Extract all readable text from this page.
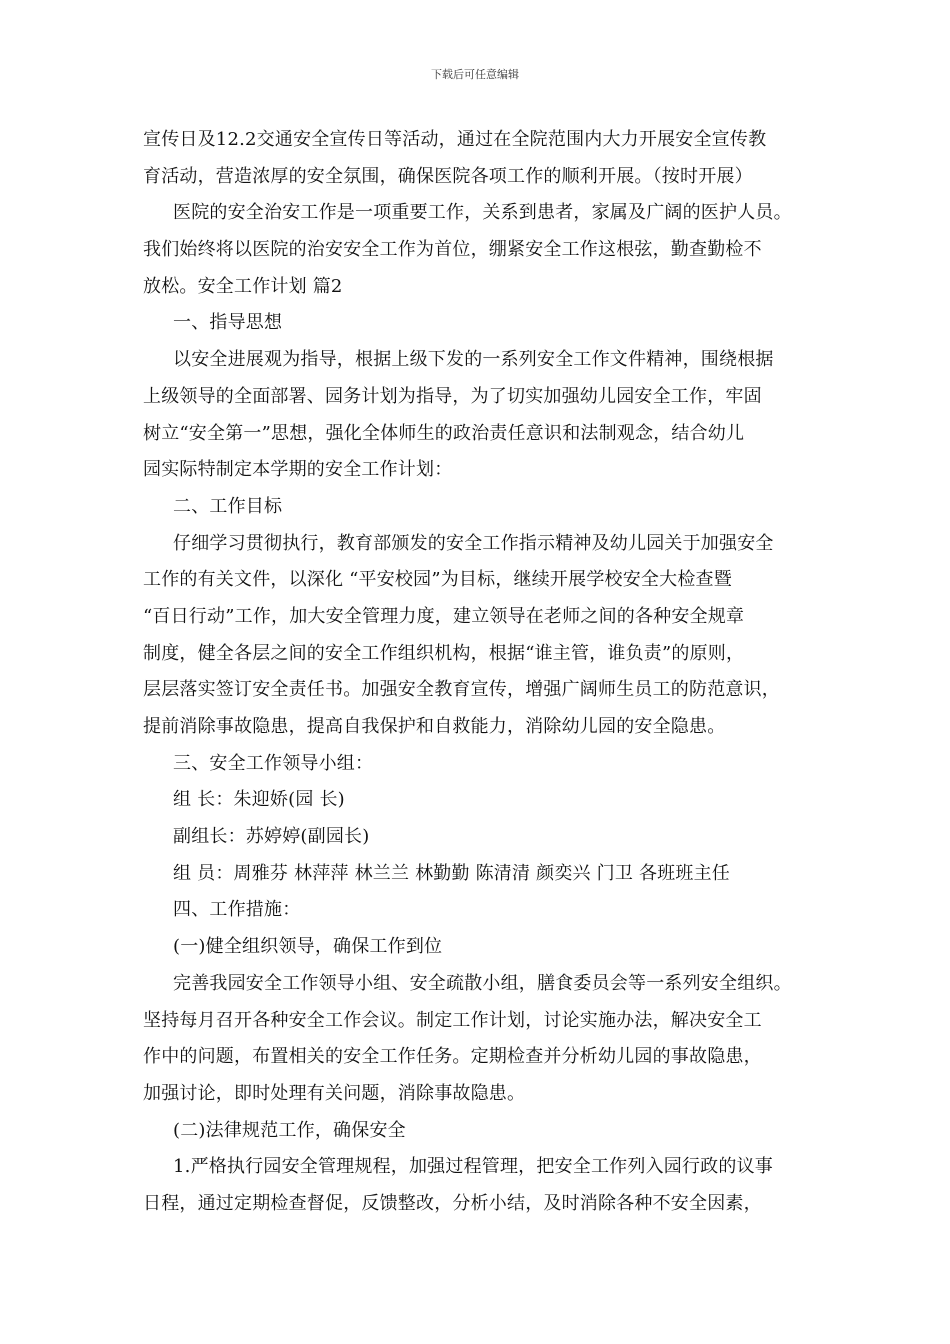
下载后可任意编辑
宣传日及12.2交通安全宣传日等活动，通过在全院范围内大力开展安全宣传教
育活动，营造浓厚的安全氛围，确保医院各项工作的顺利开展。（按时开展）
医院的安全治安工作是一项重要工作，关系到患者，家属及广阔的医护人员。
我们始终将以医院的治安安全工作为首位，绷紧安全工作这根弦，勤查勤检不
放松。安全工作计划 篇2
一、指导思想
以安全进展观为指导，根据上级下发的一系列安全工作文件精神，围绕根据
上级领导的全面部署、园务计划为指导，为了切实加强幼儿园安全工作，牢固
树立“安全第一”思想，强化全体师生的政治责任意识和法制观念，结合幼儿
园实际特制定本学期的安全工作计划：
二、工作目标
仔细学习贯彻执行，教育部颁发的安全工作指示精神及幼儿园关于加强安全
工作的有关文件，以深化 “平安校园”为目标，继续开展学校安全大检查暨
“百日行动”工作，加大安全管理力度，建立领导在老师之间的各种安全规章
制度，健全各层之间的安全工作组织机构，根据“谁主管，谁负责”的原则，
层层落实签订安全责任书。加强安全教育宣传，增强广阔师生员工的防范意识，
提前消除事故隐患，提高自我保护和自救能力，消除幼儿园的安全隐患。
三、安全工作领导小组：
组 长：朱迎娇(园 长)
副组长：苏婷婷(副园长)
组 员：周雅芬 林萍萍 林兰兰 林勤勤 陈清清 颜奕兴 门卫 各班班主任
四、工作措施：
(一)健全组织领导，确保工作到位
完善我园安全工作领导小组、安全疏散小组，膳食委员会等一系列安全组织。
坚持每月召开各种安全工作会议。制定工作计划，讨论实施办法，解决安全工
作中的问题，布置相关的安全工作任务。定期检查并分析幼儿园的事故隐患，
加强讨论，即时处理有关问题，消除事故隐患。
(二)法律规范工作，确保安全
1.严格执行园安全管理规程，加强过程管理，把安全工作列入园行政的议事
日程，通过定期检查督促，反馈整改，分析小结，及时消除各种不安全因素，
